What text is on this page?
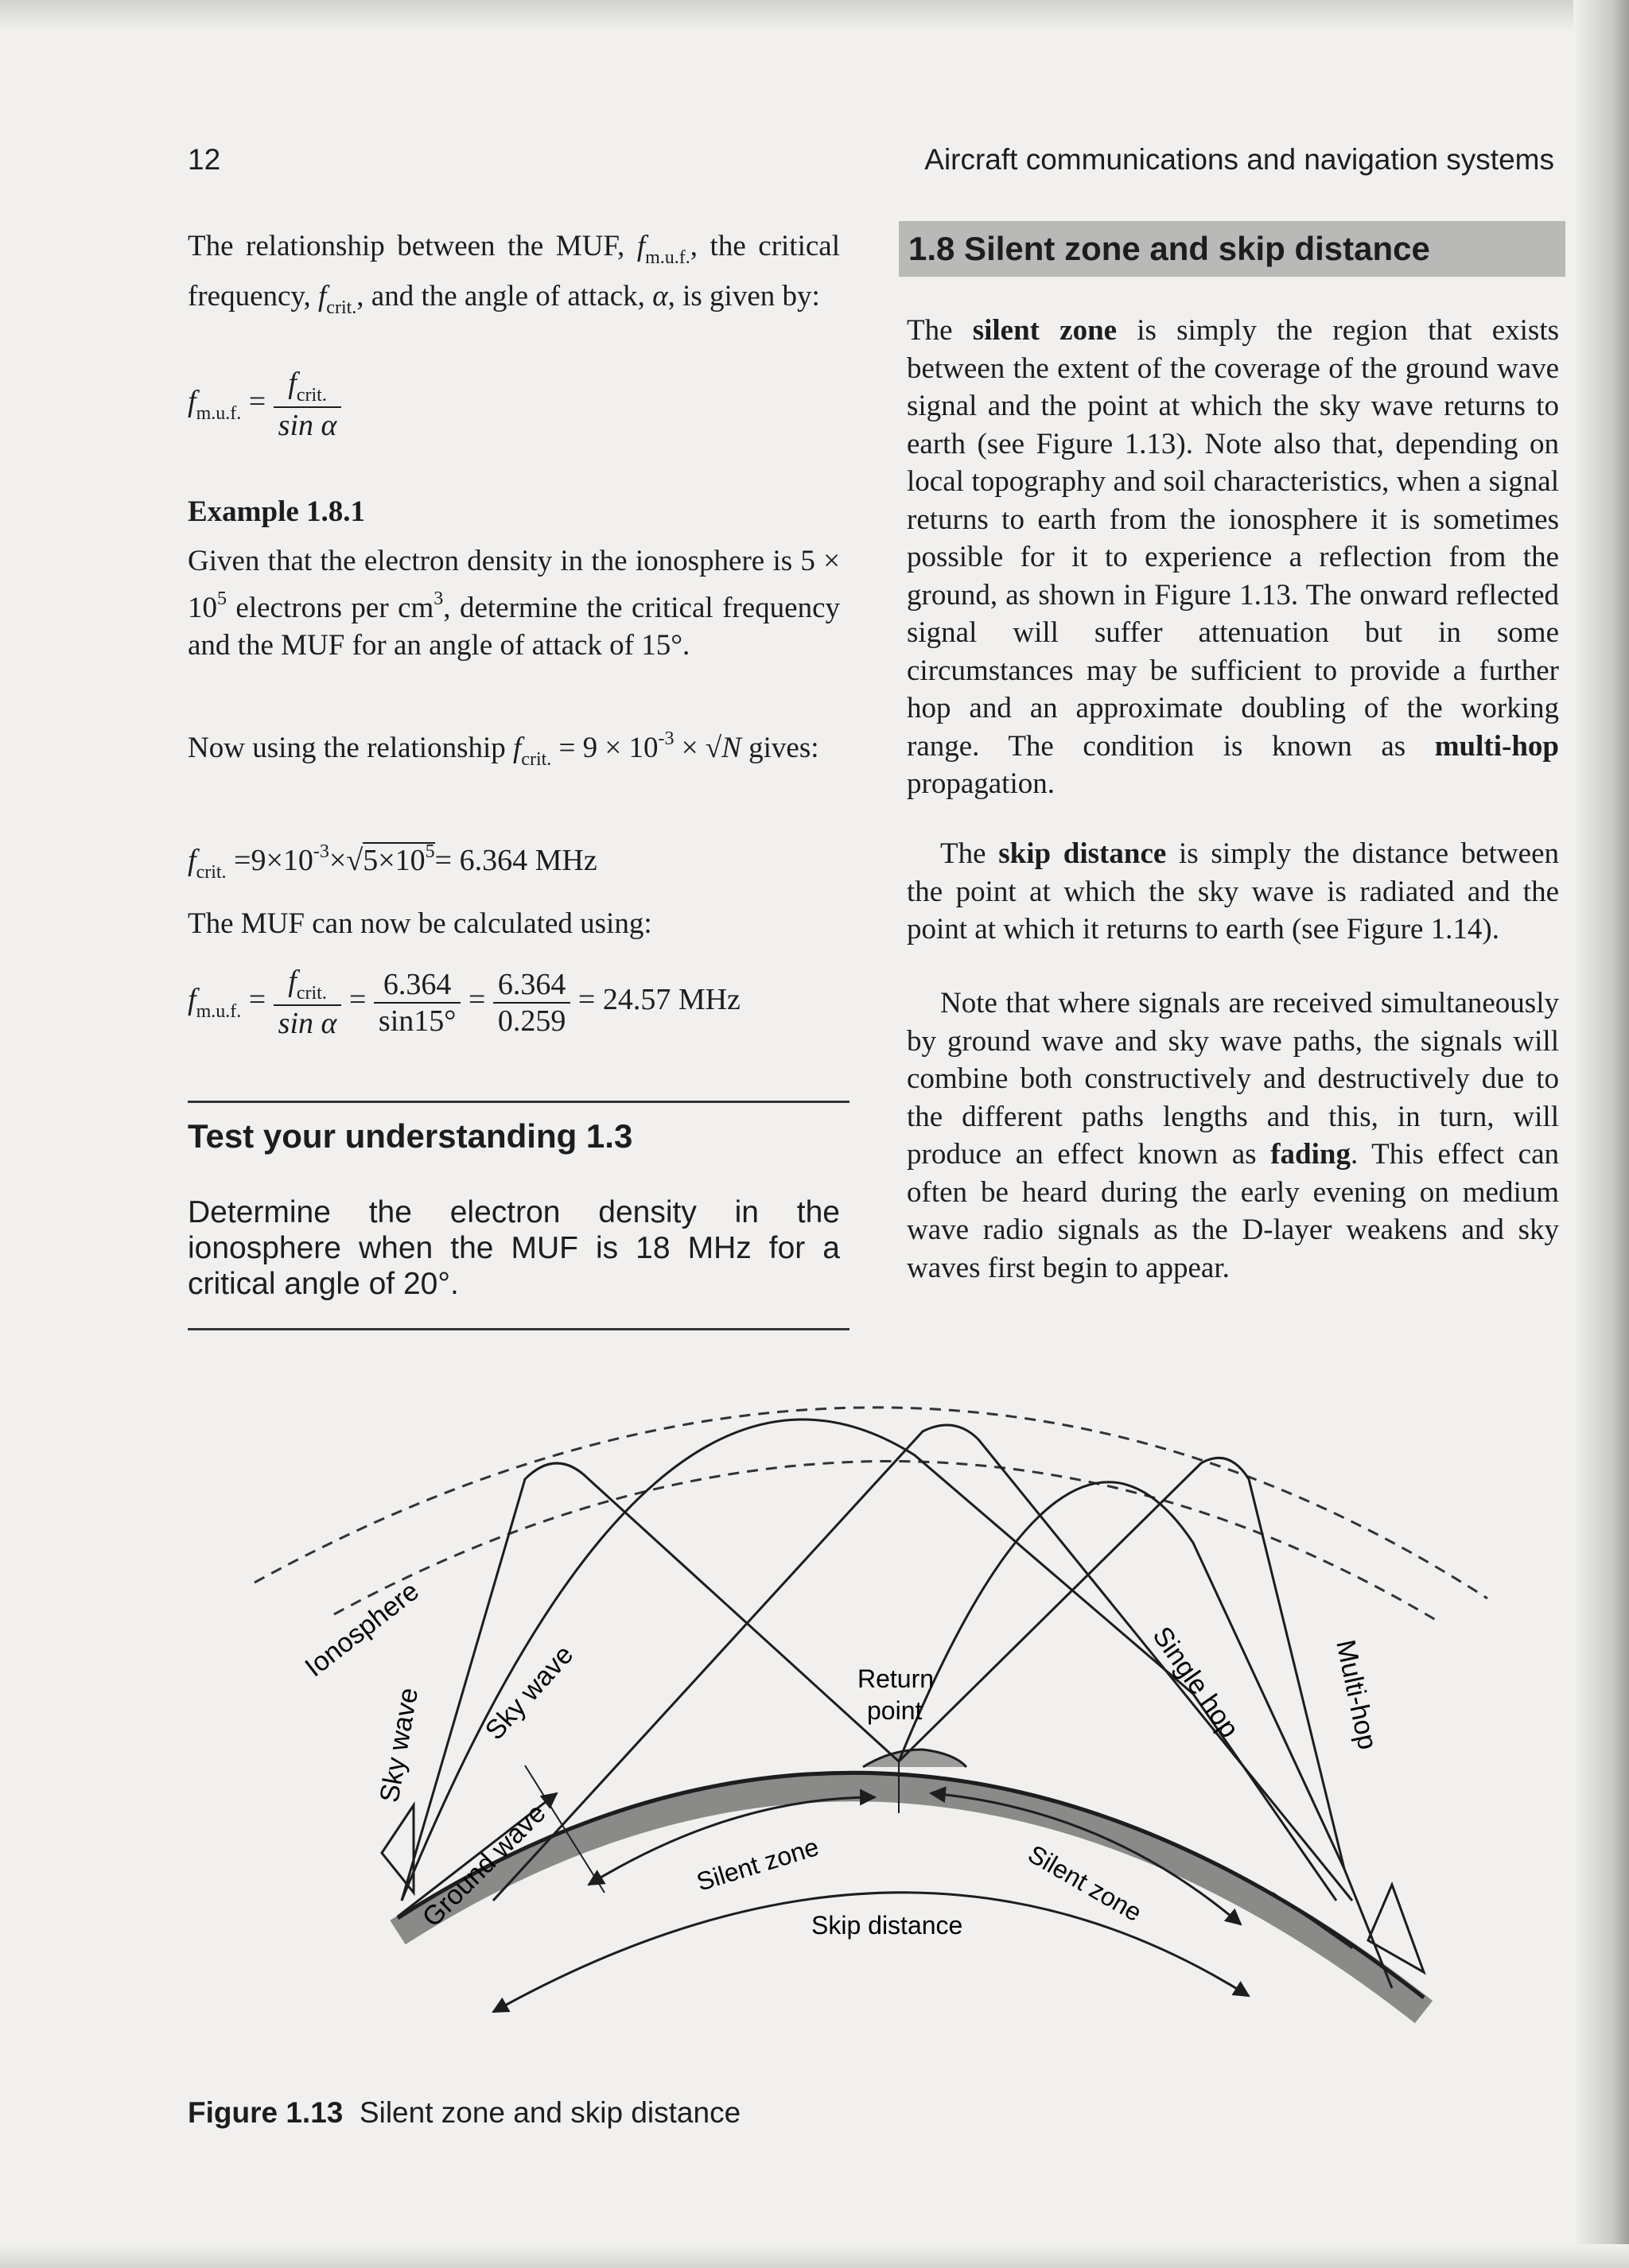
12	Aircraft communications and navigation systems
The relationship between the MUF, $f_{m.u.f.}$, the critical frequency, $f_{crit.}$, and the angle of attack, α, is given by:
$f_{m.u.f.} = \frac{f_{crit.}}{\text{sin α}}$
Example 1.8.1
Given that the electron density in the ionosphere is $5 \times 10^5$ electrons per $cm^3$, determine the critical frequency and the MUF for an angle of attack of 15°.
Now using the relationship $f_{crit.} = 9 \times 10^{-3} \times √N$ gives:
$f_{crit.} =9\times 10^{-3}\times√5\times 10^5= 6.364$ MHz
The MUF can now be calculated using:
$f_{m.u.f.} = \frac{f_{crit.}}{\text{sin α}} = \frac{6.364}{\sin 15^\circ} = \frac{6.364}{0.259} = 24.57$ MHz
Test your understanding 1.3
Determine the electron density in the ionosphere when the MUF is 18 MHz for a critical angle of 20°.
1.8 Silent zone and skip distance
The silent zone is simply the region that exists between the extent of the coverage of the ground wave signal and the point at which the sky wave returns to earth (see Figure 1.13). Note also that, depending on local topography and soil characteristics, when a signal returns to earth from the ionosphere it is sometimes possible for it to experience a reflection from the ground, as shown in Figure 1.13. The onward reflected signal will suffer attenuation but in some circumstances may be sufficient to provide a further hop and an approximate doubling of the working range. The condition is known as multi-hop propagation.
The skip distance is simply the distance between the point at which the sky wave is radiated and the point at which it returns to earth (see Figure 1.14).
Note that where signals are received simultaneously by ground wave and sky wave paths, the signals will combine both constructively and destructively due to the different paths lengths and this, in turn, will produce an effect known as fading. This effect can often be heard during the early evening on medium wave radio signals as the D-layer weakens and sky waves first begin to appear.
Ionosphere
Sky wave Sky wave
Ground wave	Silent zone	Silent zone
Skip distance
Return
point	Single hop	Multi-hop
Figure 1.13 Silent zone and skip distance
